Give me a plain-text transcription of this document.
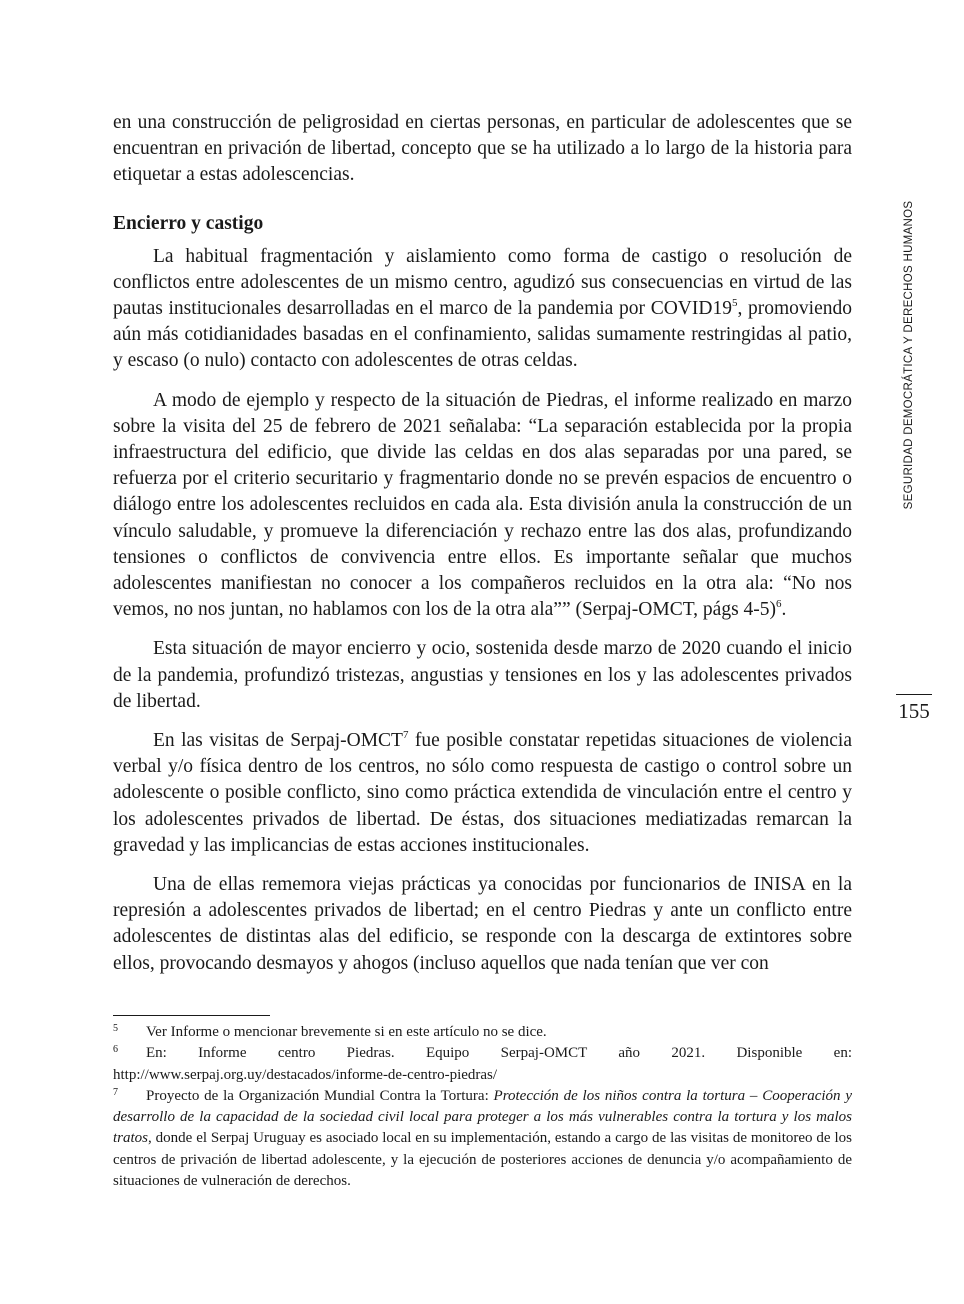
SEGURIDAD DEMOCRÁTICA Y DERECHOS HUMANOS
155

en una construcción de peligrosidad en ciertas personas, en particular de adolescentes que se encuentran en privación de libertad, concepto que se ha utilizado a lo largo de la historia para etiquetar a estas adolescencias.

Encierro y castigo

La habitual fragmentación y aislamiento como forma de castigo o resolución de conflictos entre adolescentes de un mismo centro, agudizó sus consecuencias en virtud de las pautas institucionales desarrolladas en el marco de la pandemia por $COVID19^5$, promoviendo aún más cotidianidades basadas en el confinamiento, salidas sumamente restringidas al patio, y escaso (o nulo) contacto con adolescentes de otras celdas.

A modo de ejemplo y respecto de la situación de Piedras, el informe realizado en marzo sobre la visita del 25 de febrero de 2021 señalaba: “La separación establecida por la propia infraestructura del edificio, que divide las celdas en dos alas separadas por una pared, se refuerza por el criterio securitario y fragmentario donde no se prevén espacios de encuentro o diálogo entre los adolescentes recluidos en cada ala. Esta división anula la construcción de un vínculo saludable, y promueve la diferenciación y rechazo entre las dos alas, profundizando tensiones o conflictos de convivencia entre ellos. Es importante señalar que muchos adolescentes manifiestan no conocer a los compañeros recluidos en la otra ala: “No nos vemos, no nos juntan, no hablamos con los de la otra ala”” (Serpaj-OMCT, págs 4-5)$^6$.

Esta situación de mayor encierro y ocio, sostenida desde marzo de 2020 cuando el inicio de la pandemia, profundizó tristezas, angustias y tensiones en los y las adolescentes privados de libertad.

En las visitas de Serpaj-OMCT$^7$ fue posible constatar repetidas situaciones de violencia verbal y/o física dentro de los centros, no sólo como respuesta de castigo o control sobre un adolescente o posible conflicto, sino como práctica extendida de vinculación entre el centro y los adolescentes privados de libertad. De éstas, dos situaciones mediatizadas remarcan la gravedad y las implicancias de estas acciones institucionales.

Una de ellas rememora viejas prácticas ya conocidas por funcionarios de INISA en la represión a adolescentes privados de libertad; en el centro Piedras y ante un conflicto entre adolescentes de distintas alas del edificio, se responde con la descarga de extintores sobre ellos, provocando desmayos y ahogos (incluso aquellos que nada tenían que ver con

5 Ver Informe o mencionar brevemente si en este artículo no se dice.

6 En: Informe centro Piedras. Equipo Serpaj-OMCT año 2021. Disponible en: http://www.serpaj.org.uy/destacados/informe-de-centro-piedras/

7 Proyecto de la Organización Mundial Contra la Tortura: Protección de los niños contra la tortura – Cooperación y desarrollo de la capacidad de la sociedad civil local para proteger a los más vulnerables contra la tortura y los malos tratos, donde el Serpaj Uruguay es asociado local en su implementación, estando a cargo de las visitas de monitoreo de los centros de privación de libertad adolescente, y la ejecución de posteriores acciones de denuncia y/o acompañamiento de situaciones de vulneración de derechos.
